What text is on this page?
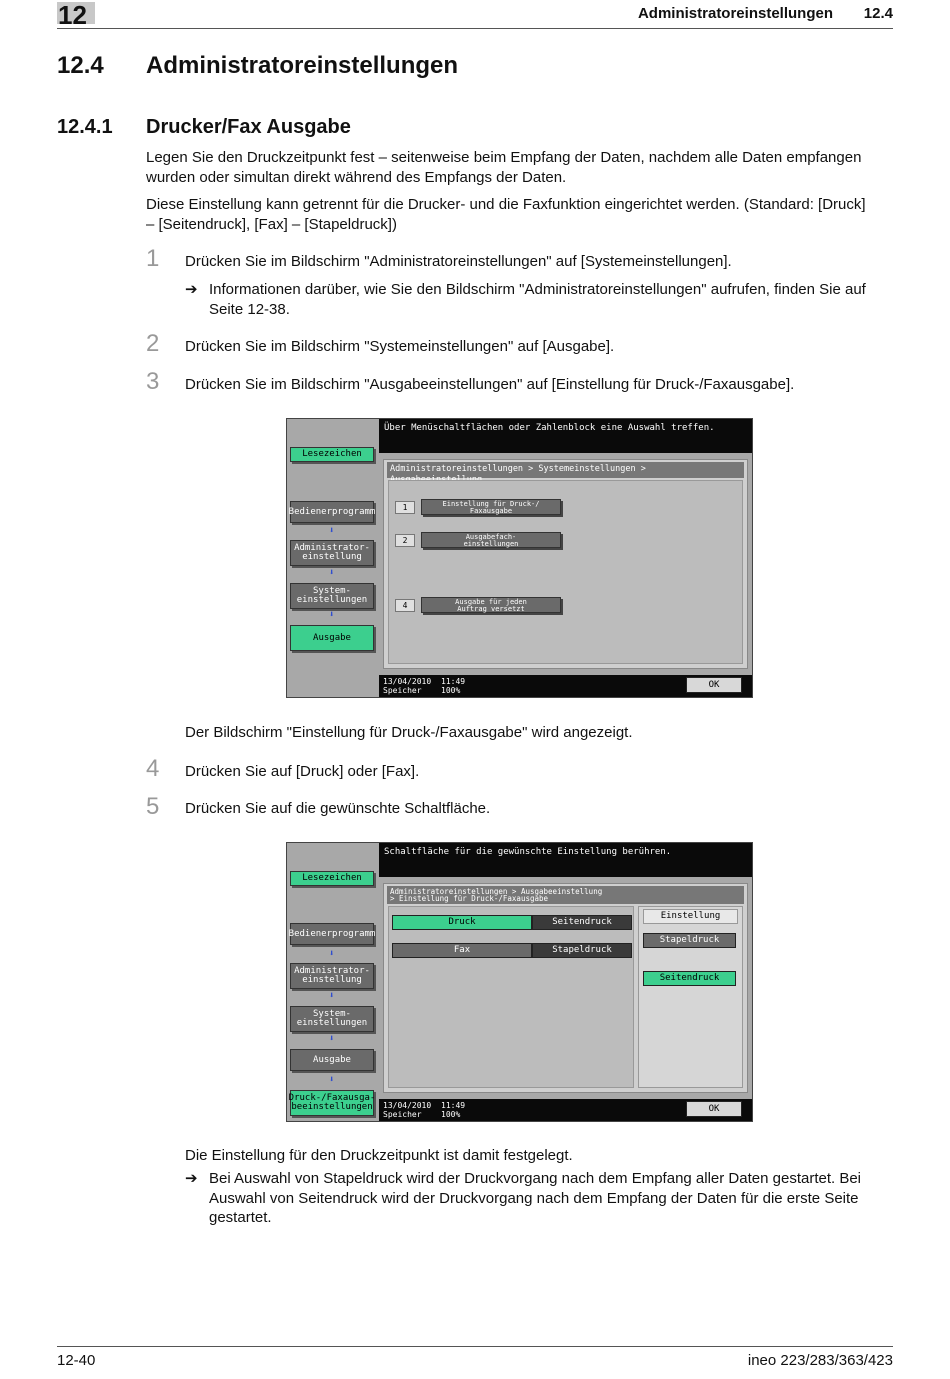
12	Administratoreinstellungen 12.4
12.4 Administratoreinstellungen
12.4.1 Drucker/Fax Ausgabe
Legen Sie den Druckzeitpunkt fest – seitenweise beim Empfang der Daten, nachdem alle Daten empfangen
wurden oder simultan direkt während des Empfangs der Daten.
Diese Einstellung kann getrennt für die Drucker- und die Faxfunktion eingerichtet werden. (Standard: [Druck]
– [Seitendruck], [Fax] – [Stapeldruck])
1 Drücken Sie im Bildschirm "Administratoreinstellungen" auf [Systemeinstellungen].
➔ Informationen darüber, wie Sie den Bildschirm "Administratoreinstellungen" aufrufen, finden Sie auf
Seite 12-38.
2 Drücken Sie im Bildschirm "Systemeinstellungen" auf [Ausgabe].
3 Drücken Sie im Bildschirm "Ausgabeeinstellungen" auf [Einstellung für Druck-/Faxausgabe].
Über Menüschaltflächen oder Zahlenblock eine Auswahl treffen.
Lesezeichen
Bedienerprogramm
⬇
Administrator-
einstellung
⬇
System-
einstellungen
⬇
Ausgabe
Administratoreinstellungen > Systemeinstellungen >
1	Einstellung für Druck-/
Faxausgabe
2	Ausgabefach-
einstellungen
4	Ausgabe für jeden
Auftrag versetzt
13/04/2010 11:49
Speicher 100%
OK
Der Bildschirm "Einstellung für Druck-/Faxausgabe" wird angezeigt.
4 Drücken Sie auf [Druck] oder [Fax].
5 Drücken Sie auf die gewünschte Schaltfläche.
Schaltfläche für die gewünschte Einstellung berühren.
Lesezeichen
Bedienerprogramm
⬇
Administrator-
einstellung
⬇
System-
einstellungen
⬇
Ausgabe
⬇
Druck-/Faxausga-
beeinstellungen
Administratoreinstellungen > Ausgabeeinstellung
> Einstellung für Druck-/Faxausgabe
Druck	Seitendruck
Fax	Stapeldruck
Einstellung
Stapeldruck
Seitendruck
13/04/2010 11:49
Speicher 100%
OK
Die Einstellung für den Druckzeitpunkt ist damit festgelegt.
➔ Bei Auswahl von Stapeldruck wird der Druckvorgang nach dem Empfang aller Daten gestartet. Bei
Auswahl von Seitendruck wird der Druckvorgang nach dem Empfang der Daten für die erste Seite
gestartet.
12-40	ineo 223/283/363/423
